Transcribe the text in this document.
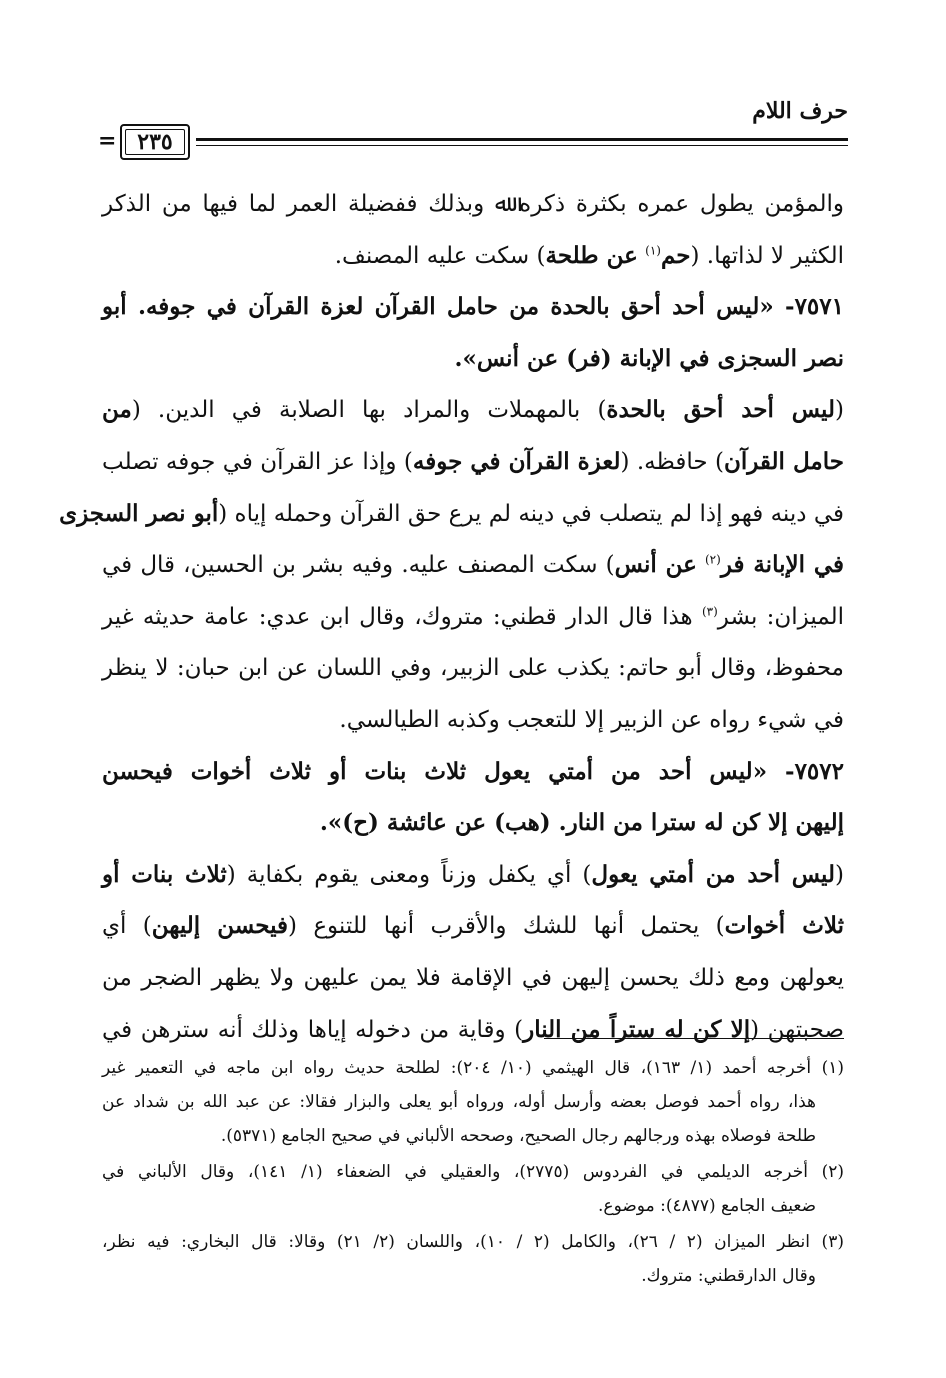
حرف اللام
٢٣٥
=
والمؤمن يطول عمره بكثرة ذكره ﷲ وبذلك ففضيلة العمر لما فيها من الذكر
الكثير لا لذاتها. (حم$^{(١)}$ عن طلحة) سكت عليه المصنف.
٧٥٧١- «ليس أحد أحق بالحدة من حامل القرآن لعزة القرآن في جوفه. أبو
نصر السجزى في الإبانة (فر) عن أنس».
(ليس أحد أحق بالحدة) بالمهملات والمراد بها الصلابة في الدين. (من
حامل القرآن) حافظه. (لعزة القرآن في جوفه) وإذا عز القرآن في جوفه تصلب
في دينه فهو إذا لم يتصلب في دينه لم يرع حق القرآن وحمله إياه (أبو نصر السجزى
في الإبانة فر$^{(٢)}$ عن أنس) سكت المصنف عليه. وفيه بشر بن الحسين، قال في
الميزان: بشر$^{(٣)}$ هذا قال الدار قطني: متروك، وقال ابن عدي: عامة حديثه غير
محفوظ، وقال أبو حاتم: يكذب على الزبير، وفي اللسان عن ابن حبان: لا ينظر
في شيء رواه عن الزبير إلا للتعجب وكذبه الطيالسي.
٧٥٧٢- «ليس أحد من أمتي يعول ثلاث بنات أو ثلاث أخوات فيحسن
إليهن إلا كن له سترا من النار. (هب) عن عائشة (ح)».
(ليس أحد من أمتي يعول) أي يكفل وزناً ومعنى يقوم بكفاية (ثلاث بنات أو
ثلاث أخوات) يحتمل أنها للشك والأقرب أنها للتنوع (فيحسن إليهن) أي
يعولهن ومع ذلك يحسن إليهن في الإقامة فلا يمن عليهن ولا يظهر الضجر من
(١) أخرجه أحمد (١/ ١٦٣)، قال الهيثمي (١٠/ ٢٠٤): لطلحة حديث رواه ابن ماجه في التعمير غير
هذا، رواه أحمد فوصل بعضه وأرسل أوله، ورواه أبو يعلى والبزار فقالا: عن عبد الله بن شداد عن
طلحة فوصلاه بهذه ورجالهم رجال الصحيح، وصححه الألباني في صحيح الجامع (٥٣٧١).
(٢) أخرجه الديلمي في الفردوس (٢٧٧٥)، والعقيلي في الضعفاء (١/ ١٤١)، وقال الألباني في
ضعيف الجامع (٤٨٧٧): موضوع.
(٣) انظر الميزان (٢ / ٢٦)، والكامل (٢ / ١٠)، واللسان (٢/ ٢١) وقالا: قال البخاري: فيه نظر،
وقال الدارقطني: متروك.
صحبتهن (إلا كن له ستراً من النار) وقاية من دخوله إياها وذلك أنه سترهن في
